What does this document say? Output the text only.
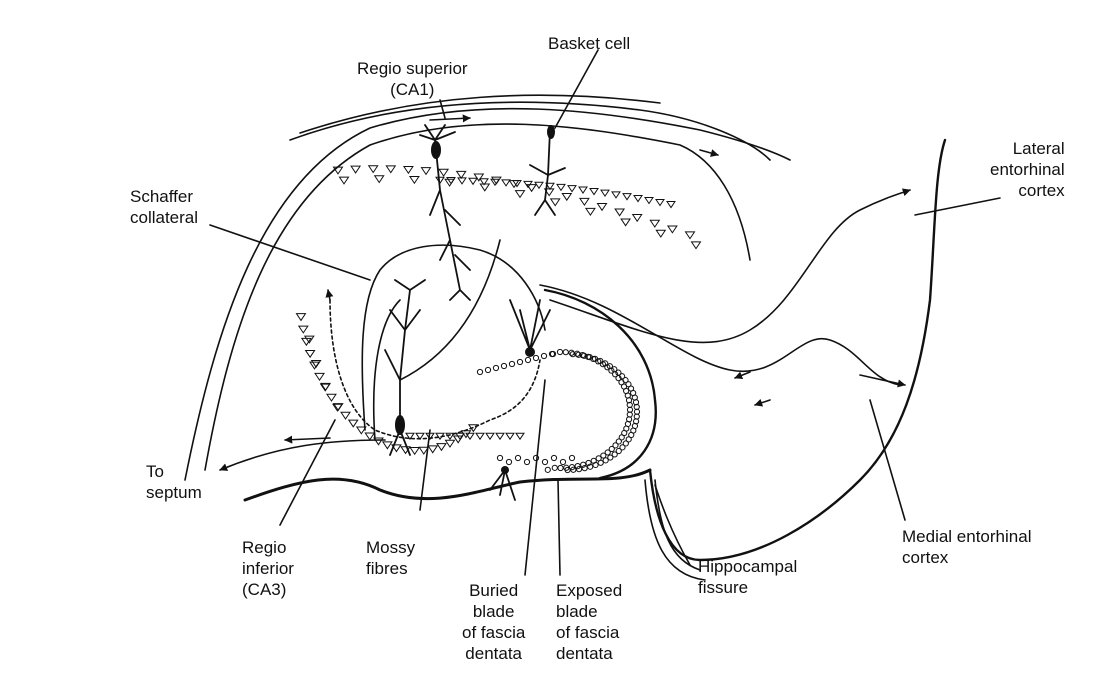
Basket cell
Regio superior
(CA1)
Schaffer
collateral
Lateral
entorhinal
cortex
To
septum
Regio
inferior
(CA3)
Mossy
fibres
Buried
blade
of fascia
dentata
Exposed
blade
of fascia
dentata
Hippocampal
fissure
Medial entorhinal
cortex
